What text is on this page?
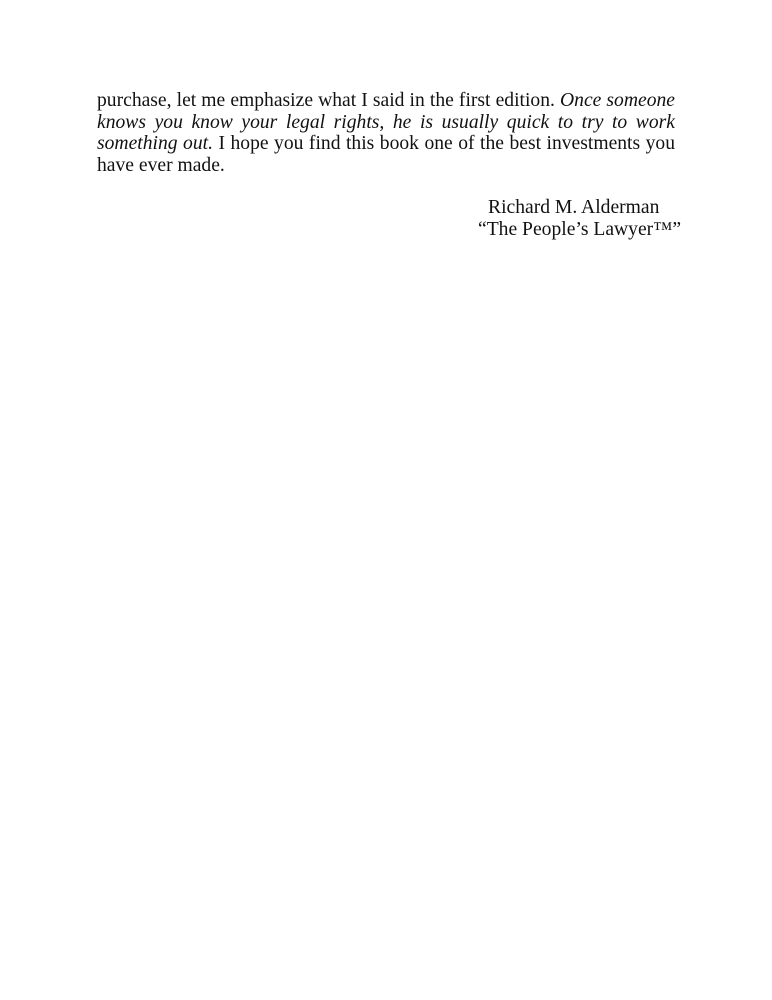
purchase, let me emphasize what I said in the first edition. Once someone knows you know your legal rights, he is usually quick to try to work something out. I hope you find this book one of the best investments you have ever made.

Richard M. Alderman
“The People’s Lawyer™”
